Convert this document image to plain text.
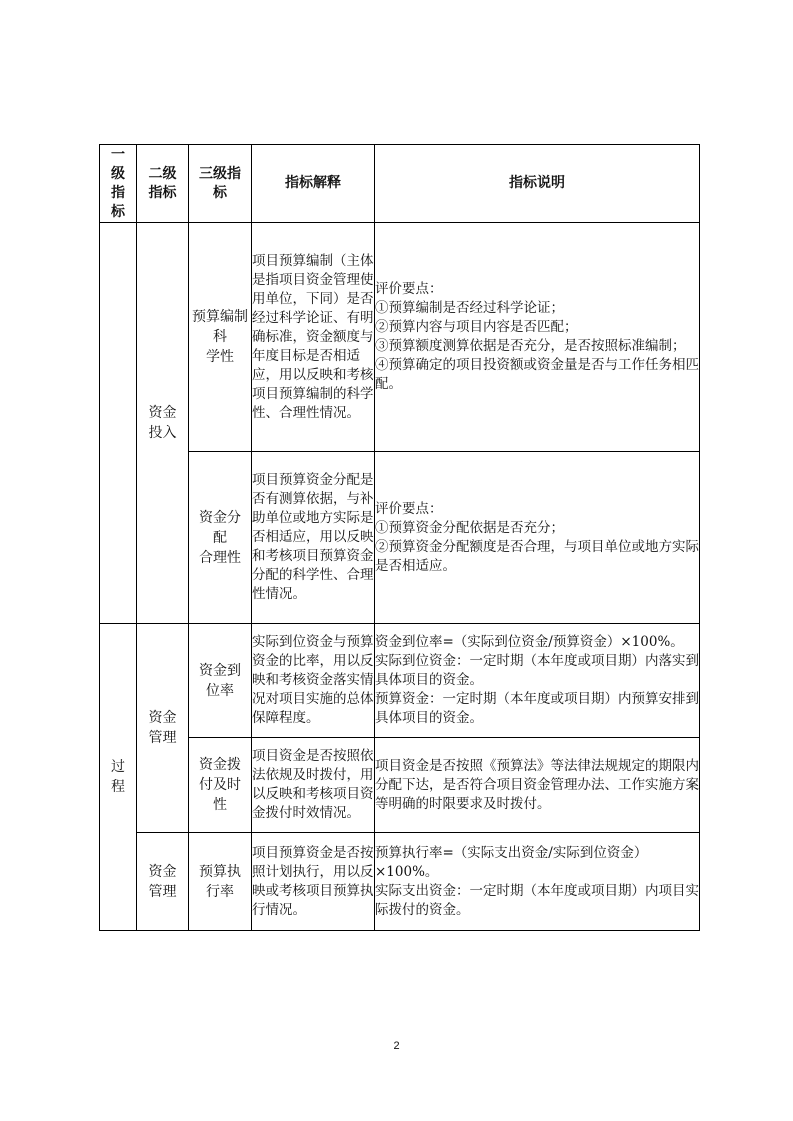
一
级
指
标	二级
指标	三级指
标	指标解释	指标说明

	资金
投入	预算编制
科
学性	项目预算编制（主体是指项目资金管理使用单位，下同）是否经过科学论证、有明确标准，资金额度与年度目标是否相适应，用以反映和考核项目预算编制的科学性、合理性情况。	评价要点：
①预算编制是否经过科学论证；
②预算内容与项目内容是否匹配；
③预算额度测算依据是否充分，是否按照标准编制；
④预算确定的项目投资额或资金量是否与工作任务相匹配。

		资金分
配
合理性	项目预算资金分配是否有测算依据，与补助单位或地方实际是否相适应，用以反映和考核项目预算资金分配的科学性、合理性情况。	评价要点：
①预算资金分配依据是否充分；
②预算资金分配额度是否合理，与项目单位或地方实际是否相适应。

过
程	资金
管理	资金到
位率	实际到位资金与预算资金的比率，用以反映和考核资金落实情况对项目实施的总体保障程度。	资金到位率=（实际到位资金/预算资金）×100%。
实际到位资金：一定时期（本年度或项目期）内落实到具体项目的资金。
预算资金：一定时期（本年度或项目期）内预算安排到具体项目的资金。

		资金拨
付及时
性	项目资金是否按照依法依规及时拨付，用以反映和考核项目资金拨付时效情况。	项目资金是否按照《预算法》等法律法规规定的期限内分配下达，是否符合项目资金管理办法、工作实施方案等明确的时限要求及时拨付。

	资金
管理	预算执
行率	项目预算资金是否按照计划执行，用以反映或考核项目预算执行情况。	预算执行率=（实际支出资金/实际到位资金）×100%。
实际支出资金：一定时期（本年度或项目期）内项目实际拨付的资金。
2
